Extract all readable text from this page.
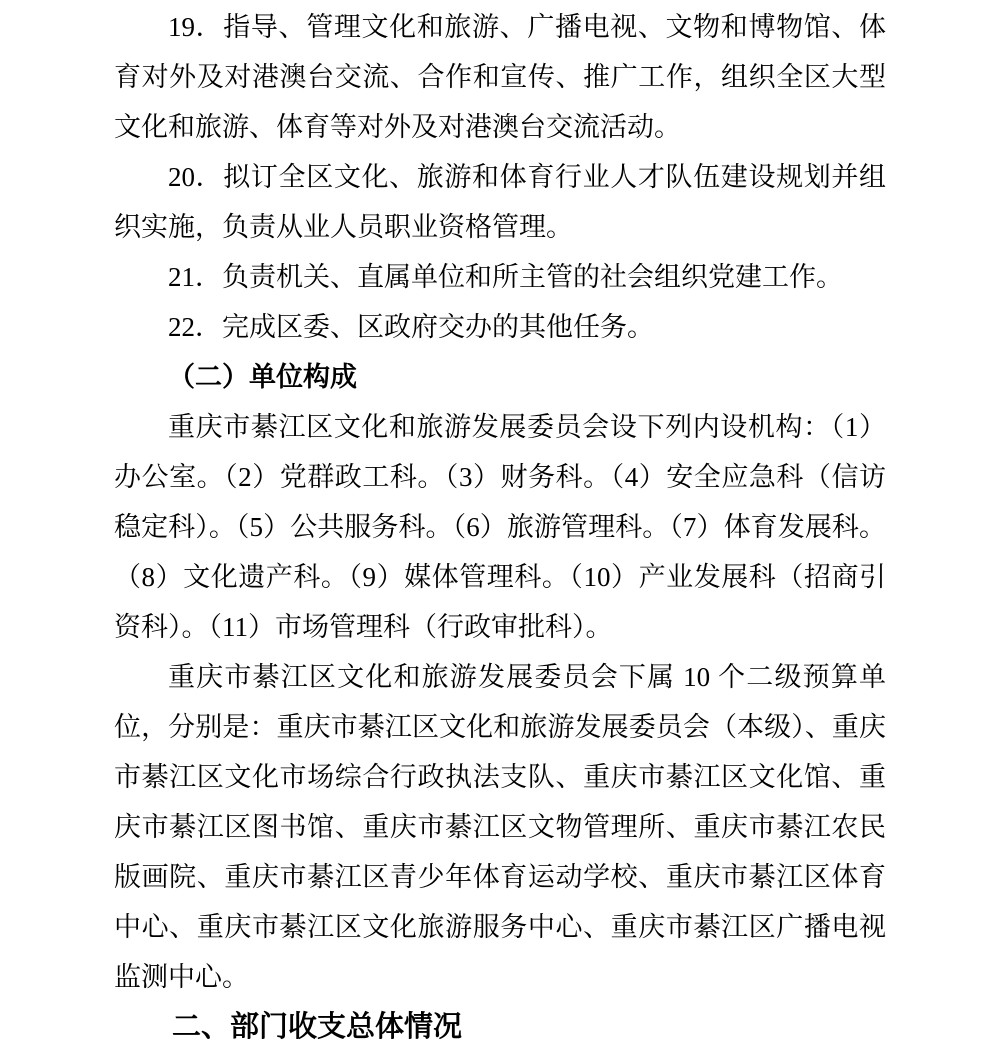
19．指导、管理文化和旅游、广播电视、文物和博物馆、体育对外及对港澳台交流、合作和宣传、推广工作，组织全区大型文化和旅游、体育等对外及对港澳台交流活动。

20．拟订全区文化、旅游和体育行业人才队伍建设规划并组织实施，负责从业人员职业资格管理。

21．负责机关、直属单位和所主管的社会组织党建工作。

22．完成区委、区政府交办的其他任务。

（二）单位构成

重庆市綦江区文化和旅游发展委员会设下列内设机构：（1）办公室。（2）党群政工科。（3）财务科。（4）安全应急科（信访稳定科）。（5）公共服务科。（6）旅游管理科。（7）体育发展科。（8）文化遗产科。（9）媒体管理科。（10）产业发展科（招商引资科）。（11）市场管理科（行政审批科）。

重庆市綦江区文化和旅游发展委员会下属 10 个二级预算单位，分别是：重庆市綦江区文化和旅游发展委员会（本级）、重庆市綦江区文化市场综合行政执法支队、重庆市綦江区文化馆、重庆市綦江区图书馆、重庆市綦江区文物管理所、重庆市綦江农民版画院、重庆市綦江区青少年体育运动学校、重庆市綦江区体育中心、重庆市綦江区文化旅游服务中心、重庆市綦江区广播电视监测中心。

二、部门收支总体情况
